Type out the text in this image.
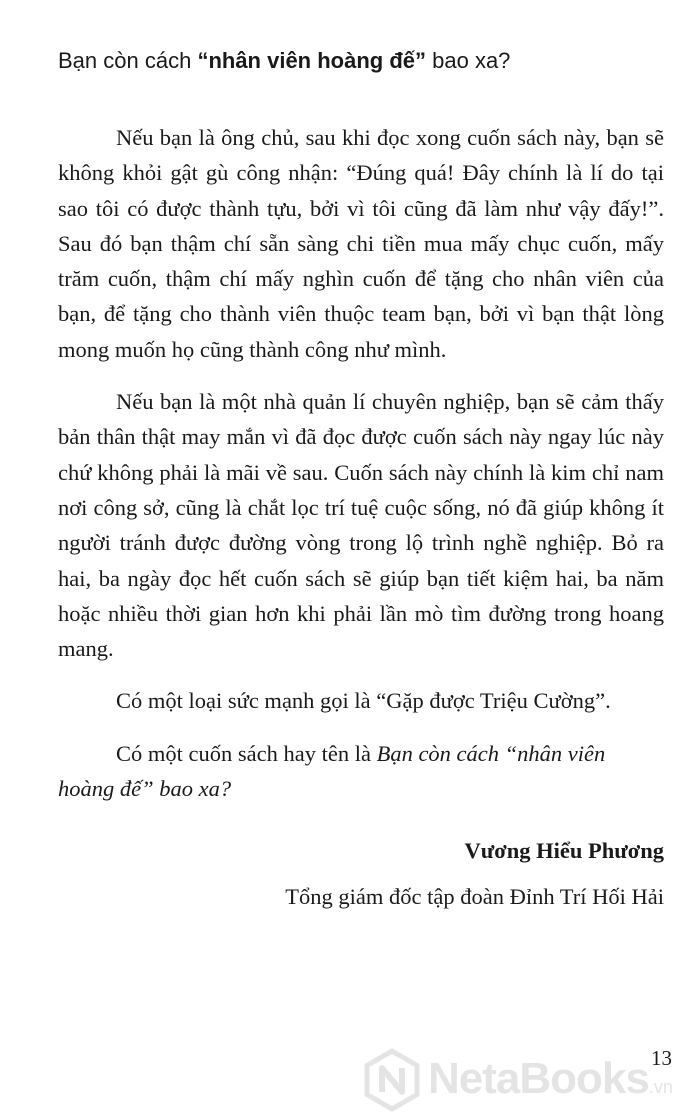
Bạn còn cách “nhân viên hoàng đế” bao xa?

Nếu bạn là ông chủ, sau khi đọc xong cuốn sách này, bạn sẽ không khỏi gật gù công nhận: “Đúng quá! Đây chính là lí do tại sao tôi có được thành tựu, bởi vì tôi cũng đã làm như vậy đấy!”. Sau đó bạn thậm chí sẵn sàng chi tiền mua mấy chục cuốn, mấy trăm cuốn, thậm chí mấy nghìn cuốn để tặng cho nhân viên của bạn, để tặng cho thành viên thuộc team bạn, bởi vì bạn thật lòng mong muốn họ cũng thành công như mình.

Nếu bạn là một nhà quản lí chuyên nghiệp, bạn sẽ cảm thấy bản thân thật may mắn vì đã đọc được cuốn sách này ngay lúc này chứ không phải là mãi về sau. Cuốn sách này chính là kim chỉ nam nơi công sở, cũng là chắt lọc trí tuệ cuộc sống, nó đã giúp không ít người tránh được đường vòng trong lộ trình nghề nghiệp. Bỏ ra hai, ba ngày đọc hết cuốn sách sẽ giúp bạn tiết kiệm hai, ba năm hoặc nhiều thời gian hơn khi phải lần mò tìm đường trong hoang mang.

Có một loại sức mạnh gọi là “Gặp được Triệu Cường”.

Có một cuốn sách hay tên là Bạn còn cách “nhân viên hoàng đế” bao xa?

Vương Hiểu Phương
Tổng giám đốc tập đoàn Đỉnh Trí Hối Hải
13
NetaBooks.vn
